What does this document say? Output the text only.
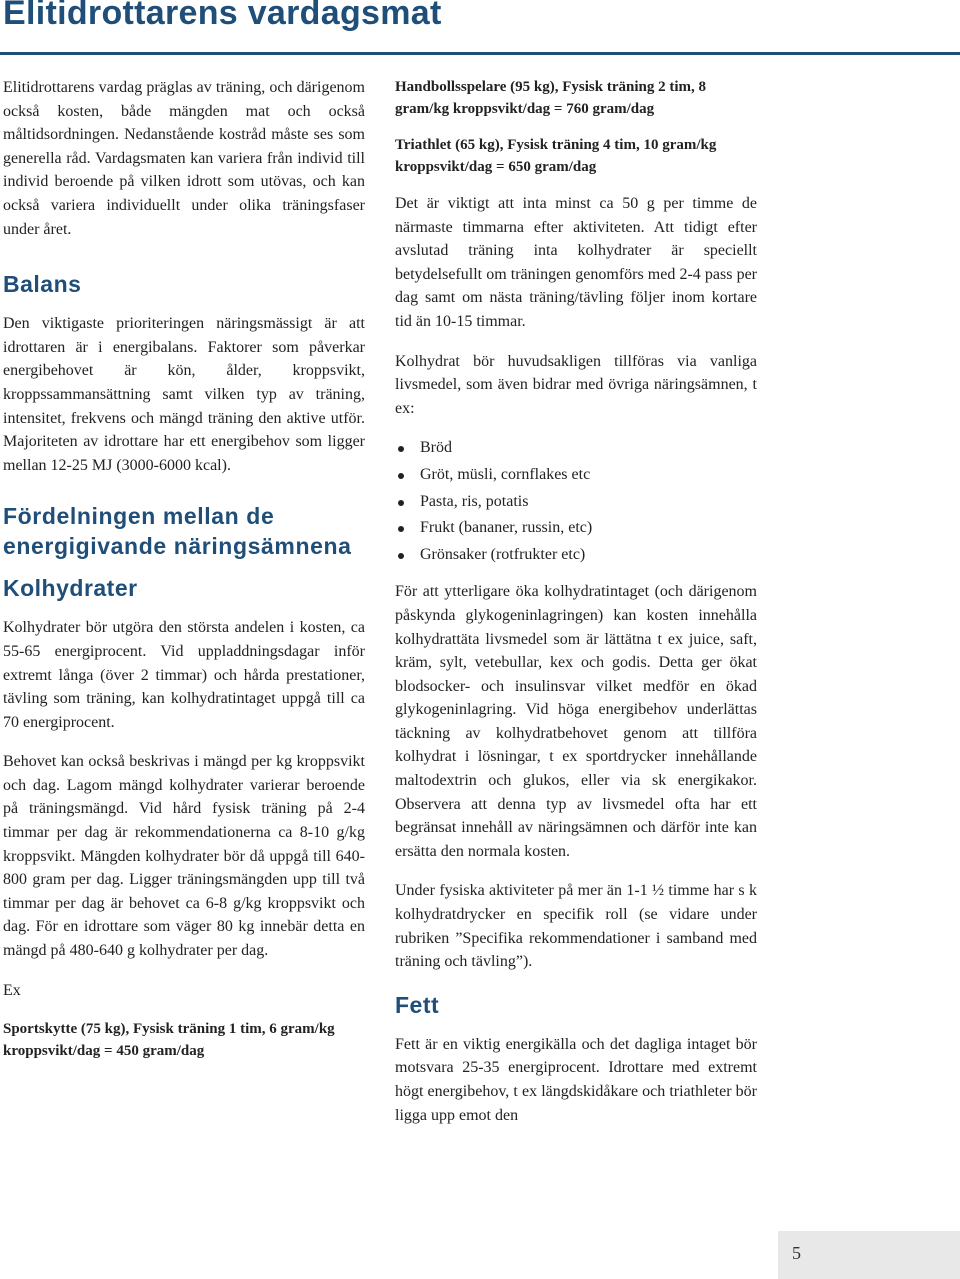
Elitidrottarens vardagsmat

Elitidrottarens vardag präglas av träning, och därigenom också kosten, både mängden mat och också måltidsordningen. Nedanstående kostråd måste ses som generella råd. Vardagsmaten kan variera från individ till individ beroende på vilken idrott som utövas, och kan också variera individuellt under olika träningsfaser under året.

Balans

Den viktigaste prioriteringen näringsmässigt är att idrottaren är i energibalans. Faktorer som påverkar energibehovet är kön, ålder, kroppsvikt, kroppssammansättning samt vilken typ av träning, intensitet, frekvens och mängd träning den aktive utför. Majoriteten av idrottare har ett energibehov som ligger mellan 12-25 MJ (3000-6000 kcal).

Fördelningen mellan de energigivande näringsämnena
Kolhydrater

Kolhydrater bör utgöra den största andelen i kosten, ca 55-65 energiprocent. Vid uppladdningsdagar inför extremt långa (över 2 timmar) och hårda prestationer, tävling som träning, kan kolhydratintaget uppgå till ca 70 energiprocent.

Behovet kan också beskrivas i mängd per kg kroppsvikt och dag. Lagom mängd kolhydrater varierar beroende på träningsmängd. Vid hård fysisk träning på 2-4 timmar per dag är rekommendationerna ca 8-10 g/kg kroppsvikt. Mängden kolhydrater bör då uppgå till 640-800 gram per dag. Ligger träningsmängden upp till två timmar per dag är behovet ca 6-8 g/kg kroppsvikt och dag. För en idrottare som väger 80 kg innebär detta en mängd på 480-640 g kolhydrater per dag.

Ex

Sportskytte (75 kg), Fysisk träning 1 tim, 6 gram/kg kroppsvikt/dag = 450 gram/dag

Handbollsspelare (95 kg), Fysisk träning 2 tim, 8 gram/kg kroppsvikt/dag = 760 gram/dag

Triathlet (65 kg), Fysisk träning 4 tim, 10 gram/kg kroppsvikt/dag = 650 gram/dag

Det är viktigt att inta minst ca 50 g per timme de närmaste timmarna efter aktiviteten. Att tidigt efter avslutad träning inta kolhydrater är speciellt betydelsefullt om träningen genomförs med 2-4 pass per dag samt om nästa träning/tävling följer inom kortare tid än 10-15 timmar.

Kolhydrat bör huvudsakligen tillföras via vanliga livsmedel, som även bidrar med övriga näringsämnen, t ex:

Bröd
Gröt, müsli, cornflakes etc
Pasta, ris, potatis
Frukt (bananer, russin, etc)
Grönsaker (rotfrukter etc)

För att ytterligare öka kolhydratintaget (och därigenom påskynda glykogeninlagringen) kan kosten innehålla kolhydrattäta livsmedel som är lättätna t ex juice, saft, kräm, sylt, vetebullar, kex och godis. Detta ger ökat blodsocker- och insulinsvar vilket medför en ökad glykogeninlagring. Vid höga energibehov underlättas täckning av kolhydratbehovet genom att tillföra kolhydrat i lösningar, t ex sportdrycker innehållande maltodextrin och glukos, eller via sk energikakor. Observera att denna typ av livsmedel ofta har ett begränsat innehåll av näringsämnen och därför inte kan ersätta den normala kosten.

Under fysiska aktiviteter på mer än 1-1 ½ timme har s k kolhydratdrycker en specifik roll (se vidare under rubriken ”Specifika rekommendationer i samband med träning och tävling”).

Fett

Fett är en viktig energikälla och det dagliga intaget bör motsvara 25-35 energiprocent. Idrottare med extremt högt energibehov, t ex längdskidåkare och triathleter bör ligga upp emot den

5
